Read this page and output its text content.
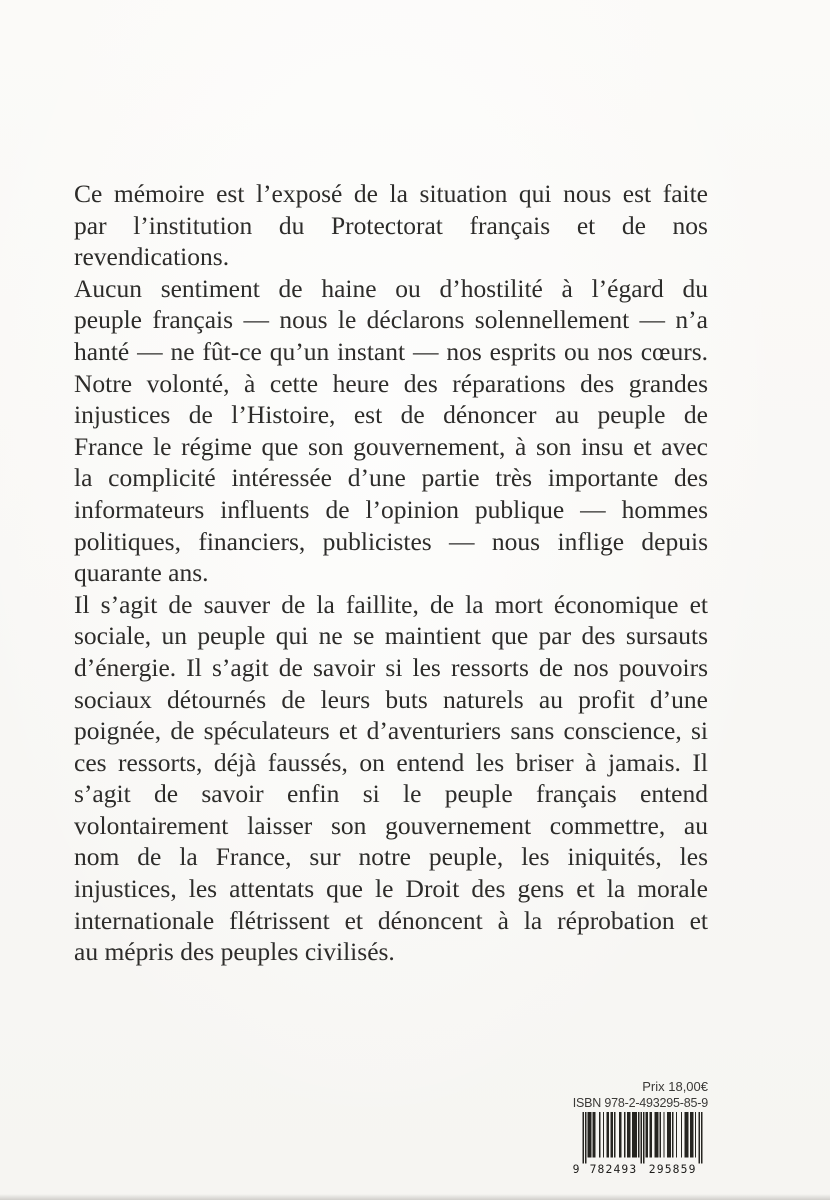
Ce mémoire est l’exposé de la situation qui nous est faite
par l’institution du Protectorat français et de nos
revendications.
Aucun sentiment de haine ou d’hostilité à l’égard du
peuple français — nous le déclarons solennellement — n’a
hanté — ne fût-ce qu’un instant — nos esprits ou nos cœurs.
Notre volonté, à cette heure des réparations des grandes
injustices de l’Histoire, est de dénoncer au peuple de
France le régime que son gouvernement, à son insu et avec
la complicité intéressée d’une partie très importante des
informateurs influents de l’opinion publique — hommes
politiques, financiers, publicistes — nous inflige depuis
quarante ans.
Il s’agit de sauver de la faillite, de la mort économique et
sociale, un peuple qui ne se maintient que par des sursauts
d’énergie. Il s’agit de savoir si les ressorts de nos pouvoirs
sociaux détournés de leurs buts naturels au profit d’une
poignée, de spéculateurs et d’aventuriers sans conscience, si
ces ressorts, déjà faussés, on entend les briser à jamais. Il
s’agit de savoir enfin si le peuple français entend
volontairement laisser son gouvernement commettre, au
nom de la France, sur notre peuple, les iniquités, les
injustices, les attentats que le Droit des gens et la morale
internationale flétrissent et dénoncent à la réprobation et
au mépris des peuples civilisés.
Prix 18,00€
ISBN 978-2-493295-85-9
9 782493 295859
